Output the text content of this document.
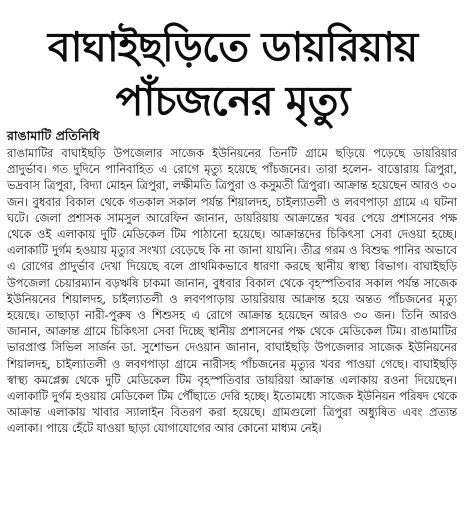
বাঘাইছড়িতে ডায়রিয়ায়
পাঁচজনের মৃত্যু
রাঙামাটি প্রতিনিধি

রাঙামাটির বাঘাইছড়ি উপজেলার সাজেক ইউনিয়নের তিনটি গ্রামে ছড়িয়ে পড়েছে ডায়রিয়ার প্রাদুর্ভাব। গত দুদিনে পানিবাহিত এ রোগে মৃত্যু হয়েছে পাঁচজনের। তারা হলেন- বাত্তোরায় ত্রিপুরা, ভদ্রবাস ত্রিপুরা, বিদ্যা মোহন ত্রিপুরা, লক্ষীমতি ত্রিপুরা ও কসুমতী ত্রিপুরা। আক্রান্ত হয়েছেন আরও ৩০ জন। বুধবার বিকাল থেকে গতকাল সকাল পর্যন্ত শিয়ালদহ, চাইল্যাতলী ও লবণপাড়া গ্রামে এ ঘটনা ঘটে। জেলা প্রশাসক সামসুল আরেফিন জানান, ডায়রিয়ায় আক্রান্তের খবর পেয়ে প্রশাসনের পক্ষ থেকে ওই এলাকায় দুটি মেডিকেল টিম পাঠানো হয়েছে। আক্রান্তদের চিকিৎসা সেবা দেওয়া হচ্ছে। এলাকাটি দুর্গম হওয়ায় মৃত্যুর সংখ্যা বেড়েছে কি না জানা যায়নি। তীব্র গরম ও বিশুদ্ধ পানির অভাবে এ রোগের প্রাদুর্ভাব দেখা দিয়েছে বলে প্রাথমিকভাবে ধারণা করছে স্থানীয় স্বাস্থ্য বিভাগ। বাঘাইছড়ি উপজেলা চেয়ারম্যান বড়ঋষি চাকমা জানান, বুধবার বিকাল থেকে বৃহস্পতিবার সকাল পর্যন্ত সাজেক ইউনিয়নের শিয়ালদহ, চাইল্যাতলী ও লবণপাড়ায় ডায়রিয়ায় আক্রান্ত হয়ে অন্তত পাঁচজনের মৃত্যু হয়েছে। তাছাড়া নারী-পুরুষ ও শিশুসহ এ রোগে আক্রান্ত হয়েছেন আরও ৩০ জন। তিনি আরও জানান, আক্রান্ত গ্রামে চিকিৎসা সেবা দিচ্ছে স্থানীয় প্রশাসনের পক্ষ থেকে মেডিকেল টিম। রাঙামাটির ভারপ্রাপ্ত সিভিল সার্জন ডা. সুশোভন দেওয়ান জানান, বাঘাইছড়ি উপজেলার সাজেক ইউনিয়নের শিয়ালদহ, চাইল্যাতলী ও লবণপাড়া গ্রামে নারীসহ পাঁচজনের মৃত্যুর খবর পাওয়া গেছে। বাঘাইছড়ি স্বাস্থ্য কমপ্লেক্স থেকে দুটি মেডিকেল টিম বৃহস্পতিবার ডায়রিয়া আক্রান্ত এলাকায় রওনা দিয়েছেন। এলাকাটি দুর্গম হওয়ায় মেডিকেল টিম পৌঁছাতে দেরি হচ্ছে। ইতোমধ্যে সাজেক ইউনিয়ন পরিষদ থেকে আক্রান্ত এলাকায় খাবার স্যালাইন বিতরণ করা হয়েছে। গ্রামগুলো ত্রিপুরা অধ্যুষিত এবং প্রত্যন্ত এলাকা। পায়ে হেঁটে যাওয়া ছাড়া যোগাযোগের আর কোনো মাধ্যম নেই।
